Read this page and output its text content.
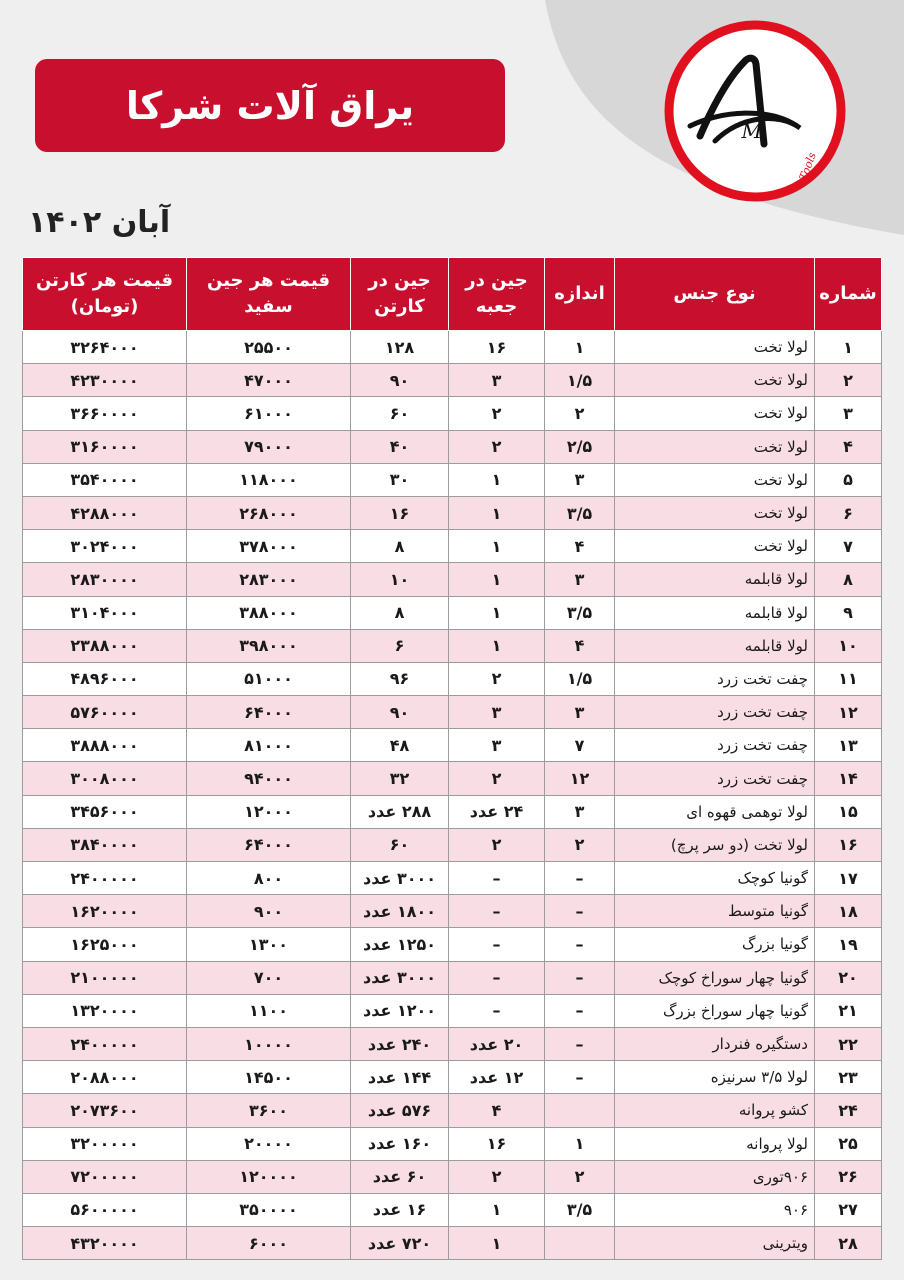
یراق آلات شرکا
M
Tools
A
آبان ۱۴۰۲
شماره	نوع جنس	اندازه	جین در جعبه	جین در کارتن	قیمت هر جین سفید	قیمت هر کارتن (تومان)
۱	لولا تخت	۱	۱۶	۱۲۸	۲۵۵۰۰	۳۲۶۴۰۰۰
۲	لولا تخت	۱/۵	۳	۹۰	۴۷۰۰۰	۴۲۳۰۰۰۰
۳	لولا تخت	۲	۲	۶۰	۶۱۰۰۰	۳۶۶۰۰۰۰
۴	لولا تخت	۲/۵	۲	۴۰	۷۹۰۰۰	۳۱۶۰۰۰۰
۵	لولا تخت	۳	۱	۳۰	۱۱۸۰۰۰	۳۵۴۰۰۰۰
۶	لولا تخت	۳/۵	۱	۱۶	۲۶۸۰۰۰	۴۲۸۸۰۰۰
۷	لولا تخت	۴	۱	۸	۳۷۸۰۰۰	۳۰۲۴۰۰۰
۸	لولا قابلمه	۳	۱	۱۰	۲۸۳۰۰۰	۲۸۳۰۰۰۰
۹	لولا قابلمه	۳/۵	۱	۸	۳۸۸۰۰۰	۳۱۰۴۰۰۰
۱۰	لولا قابلمه	۴	۱	۶	۳۹۸۰۰۰	۲۳۸۸۰۰۰
۱۱	چفت تخت زرد	۱/۵	۲	۹۶	۵۱۰۰۰	۴۸۹۶۰۰۰
۱۲	چفت تخت زرد	۳	۳	۹۰	۶۴۰۰۰	۵۷۶۰۰۰۰
۱۳	چفت تخت زرد	۷	۳	۴۸	۸۱۰۰۰	۳۸۸۸۰۰۰
۱۴	چفت تخت زرد	۱۲	۲	۳۲	۹۴۰۰۰	۳۰۰۸۰۰۰
۱۵	لولا توهمی قهوه ای	۳	۲۴ عدد	۲۸۸ عدد	۱۲۰۰۰	۳۴۵۶۰۰۰
۱۶	لولا تخت (دو سر پرچ)	۲	۲	۶۰	۶۴۰۰۰	۳۸۴۰۰۰۰
۱۷	گونیا کوچک	–	–	۳۰۰۰ عدد	۸۰۰	۲۴۰۰۰۰۰
۱۸	گونیا متوسط	–	–	۱۸۰۰ عدد	۹۰۰	۱۶۲۰۰۰۰
۱۹	گونیا بزرگ	–	–	۱۲۵۰ عدد	۱۳۰۰	۱۶۲۵۰۰۰
۲۰	گونیا چهار سوراخ کوچک	–	–	۳۰۰۰ عدد	۷۰۰	۲۱۰۰۰۰۰
۲۱	گونیا چهار سوراخ بزرگ	–	–	۱۲۰۰ عدد	۱۱۰۰	۱۳۲۰۰۰۰
۲۲	دستگیره فنردار	–	۲۰ عدد	۲۴۰ عدد	۱۰۰۰۰	۲۴۰۰۰۰۰
۲۳	لولا ۳/۵ سرنیزه	–	۱۲ عدد	۱۴۴ عدد	۱۴۵۰۰	۲۰۸۸۰۰۰
۲۴	کشو پروانه		۴	۵۷۶ عدد	۳۶۰۰	۲۰۷۳۶۰۰
۲۵	لولا پروانه	۱	۱۶	۱۶۰ عدد	۲۰۰۰۰	۳۲۰۰۰۰۰
۲۶	۹۰۶توری	۲	۲	۶۰ عدد	۱۲۰۰۰۰	۷۲۰۰۰۰۰
۲۷	۹۰۶	۳/۵	۱	۱۶ عدد	۳۵۰۰۰۰	۵۶۰۰۰۰۰
۲۸	ویترینی		۱	۷۲۰ عدد	۶۰۰۰	۴۳۲۰۰۰۰
